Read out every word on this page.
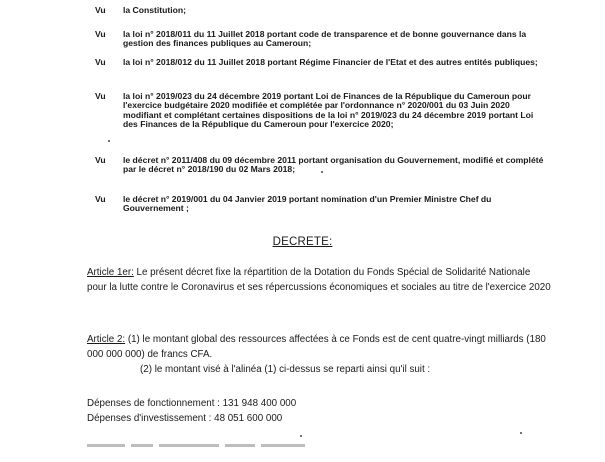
Vu la Constitution;
Vu la loi n° 2018/011 du 11 Juillet 2018 portant code de transparence et de bonne gouvernance dans la gestion des finances publiques au Cameroun;
Vu la loi n° 2018/012 du 11 Juillet 2018 portant Régime Financier de l'Etat et des autres entités publiques;
Vu la loi n° 2019/023 du 24 décembre 2019 portant Loi de Finances de la République du Cameroun pour l'exercice budgétaire 2020 modifiée et complétée par l'ordonnance n° 2020/001 du 03 Juin 2020 modifiant et complétant certaines dispositions de la loi n° 2019/023 du 24 décembre 2019 portant Loi des Finances de la République du Cameroun pour l'exercice 2020;
Vu le décret n° 2011/408 du 09 décembre 2011 portant organisation du Gouvernement, modifié et complété par le décret n° 2018/190 du 02 Mars 2018;
Vu le décret n° 2019/001 du 04 Janvier 2019 portant nomination d'un Premier Ministre Chef du Gouvernement ;
DECRETE:
Article 1er: Le présent décret fixe la répartition de la Dotation du Fonds Spécial de Solidarité Nationale pour la lutte contre le Coronavirus et ses répercussions économiques et sociales au titre de l'exercice 2020
Article 2: (1) le montant global des ressources affectées à ce Fonds est de cent quatre-vingt milliards (180 000 000 000) de francs CFA.
(2) le montant visé à l'alinéa (1) ci-dessus se reparti ainsi qu'il suit :
Dépenses de fonctionnement : 131 948 400 000
Dépenses d'investissement : 48 051 600 000
